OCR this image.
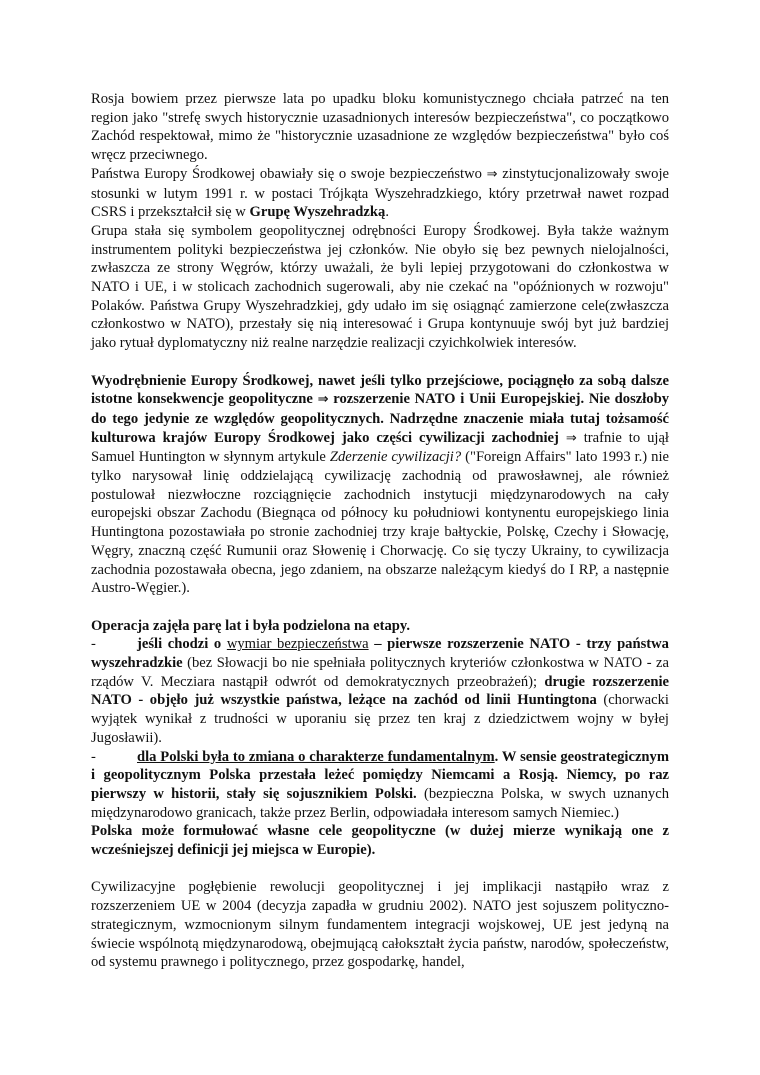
Rosja bowiem przez pierwsze lata po upadku bloku komunistycznego chciała patrzeć na ten region jako "strefę swych historycznie uzasadnionych interesów bezpieczeństwa", co początkowo Zachód respektował, mimo że "historycznie uzasadnione ze względów bezpieczeństwa" było coś wręcz przeciwnego.

Państwa Europy Środkowej obawiały się o swoje bezpieczeństwo ⇒ zinstytucjonalizowały swoje stosunki w lutym 1991 r. w postaci Trójkąta Wyszehradzkiego, który przetrwał nawet rozpad CSRS i przekształcił się w Grupę Wyszehradzką.

Grupa stała się symbolem geopolitycznej odrębności Europy Środkowej. Była także ważnym instrumentem polityki bezpieczeństwa jej członków. Nie obyło się bez pewnych nielojalności, zwłaszcza ze strony Węgrów, którzy uważali, że byli lepiej przygotowani do członkostwa w NATO i UE, i w stolicach zachodnich sugerowali, aby nie czekać na "opóźnionych w rozwoju" Polaków. Państwa Grupy Wyszehradzkiej, gdy udało im się osiągnąć zamierzone cele(zwłaszcza członkostwo w NATO), przestały się nią interesować i Grupa kontynuuje swój byt już bardziej jako rytuał dyplomatyczny niż realne narzędzie realizacji czyichkolwiek interesów.

Wyodrębnienie Europy Środkowej, nawet jeśli tylko przejściowe, pociągnęło za sobą dalsze istotne konsekwencje geopolityczne ⇒ rozszerzenie NATO i Unii Europejskiej. Nie doszłoby do tego jedynie ze względów geopolitycznych. Nadrzędne znaczenie miała tutaj tożsamość kulturowa krajów Europy Środkowej jako części cywilizacji zachodniej ⇒ trafnie to ujął Samuel Huntington w słynnym artykule Zderzenie cywilizacji? ("Foreign Affairs" lato 1993 r.) nie tylko narysował linię oddzielającą cywilizację zachodnią od prawosławnej, ale również postulował niezwłoczne rozciągnięcie zachodnich instytucji międzynarodowych na cały europejski obszar Zachodu (Biegnąca od północy ku południowi kontynentu europejskiego linia Huntingtona pozostawiała po stronie zachodniej trzy kraje bałtyckie, Polskę, Czechy i Słowację, Węgry, znaczną część Rumunii oraz Słowenię i Chorwację. Co się tyczy Ukrainy, to cywilizacja zachodnia pozostawała obecna, jego zdaniem, na obszarze należącym kiedyś do I RP, a następnie Austro-Węgier.).

Operacja zajęła parę lat i była podzielona na etapy.

-	jeśli chodzi o wymiar bezpieczeństwa – pierwsze rozszerzenie NATO - trzy państwa wyszehradzkie (bez Słowacji bo nie spełniała politycznych kryteriów członkostwa w NATO - za rządów V. Mecziara nastąpił odwrót od demokratycznych przeobrażeń); drugie rozszerzenie NATO - objęło już wszystkie państwa, leżące na zachód od linii Huntingtona (chorwacki wyjątek wynikał z trudności w uporaniu się przez ten kraj z dziedzictwem wojny w byłej Jugosławii).

-	dla Polski była to zmiana o charakterze fundamentalnym. W sensie geostrategicznym i geopolitycznym Polska przestała leżeć pomiędzy Niemcami a Rosją. Niemcy, po raz pierwszy w historii, stały się sojusznikiem Polski. (bezpieczna Polska, w swych uznanych międzynarodowo granicach, także przez Berlin, odpowiadała interesom samych Niemiec.)

Polska może formułować własne cele geopolityczne (w dużej mierze wynikają one z wcześniejszej definicji jej miejsca w Europie).

Cywilizacyjne pogłębienie rewolucji geopolitycznej i jej implikacji nastąpiło wraz z rozszerzeniem UE w 2004 (decyzja zapadła w grudniu 2002). NATO jest sojuszem polityczno-strategicznym, wzmocnionym silnym fundamentem integracji wojskowej, UE jest jedyną na świecie wspólnotą międzynarodową, obejmującą całokształt życia państw, narodów, społeczeństw, od systemu prawnego i politycznego, przez gospodarkę, handel,
